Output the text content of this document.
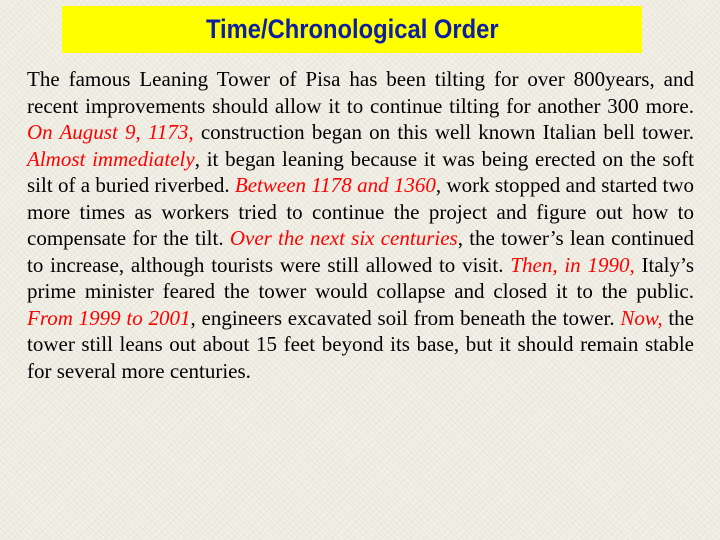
Time/Chronological Order

The famous Leaning Tower of Pisa has been tilting for over 800years, and recent improvements should allow it to continue tilting for another 300 more. On August 9, 1173, construction began on this well known Italian bell tower. Almost immediately, it began leaning because it was being erected on the soft silt of a buried riverbed. Between 1178 and 1360, work stopped and started two more times as workers tried to continue the project and figure out how to compensate for the tilt. Over the next six centuries, the tower’s lean continued to increase, although tourists were still allowed to visit. Then, in 1990, Italy’s prime minister feared the tower would collapse and closed it to the public. From 1999 to 2001, engineers excavated soil from beneath the tower. Now, the tower still leans out about 15 feet beyond its base, but it should remain stable for several more centuries.
